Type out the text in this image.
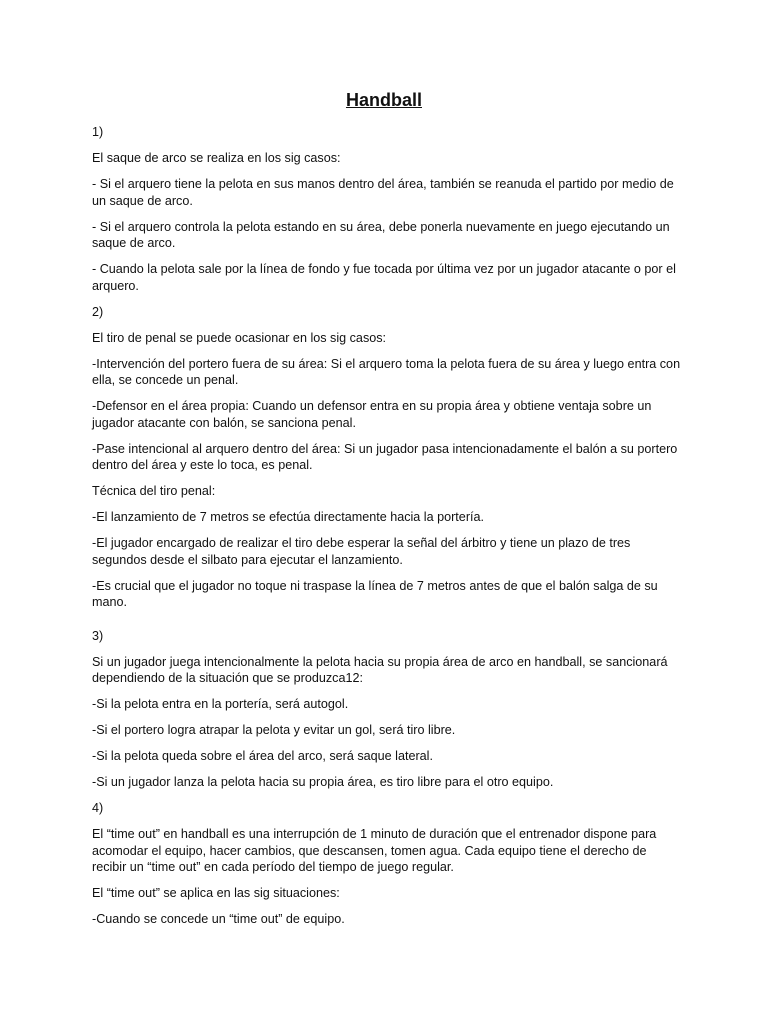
Handball

1)

El saque de arco se realiza en los sig casos:

- Si el arquero tiene la pelota en sus manos dentro del área, también se reanuda el partido por medio de un saque de arco.

- Si el arquero controla la pelota estando en su área, debe ponerla nuevamente en juego ejecutando un saque de arco.

- Cuando la pelota sale por la línea de fondo y fue tocada por última vez por un jugador atacante o por el arquero.

2)

El tiro de penal se puede ocasionar en los sig casos:

-Intervención del portero fuera de su área: Si el arquero toma la pelota fuera de su área y luego entra con ella, se concede un penal.

-Defensor en el área propia: Cuando un defensor entra en su propia área y obtiene ventaja sobre un jugador atacante con balón, se sanciona penal.

-Pase intencional al arquero dentro del área: Si un jugador pasa intencionadamente el balón a su portero dentro del área y este lo toca, es penal.

Técnica del tiro penal:

-El lanzamiento de 7 metros se efectúa directamente hacia la portería.

-El jugador encargado de realizar el tiro debe esperar la señal del árbitro y tiene un plazo de tres segundos desde el silbato para ejecutar el lanzamiento.

-Es crucial que el jugador no toque ni traspase la línea de 7 metros antes de que el balón salga de su mano.

3)

Si un jugador juega intencionalmente la pelota hacia su propia área de arco en handball, se sancionará dependiendo de la situación que se produzca12:

-Si la pelota entra en la portería, será autogol.

-Si el portero logra atrapar la pelota y evitar un gol, será tiro libre.

-Si la pelota queda sobre el área del arco, será saque lateral.

-Si un jugador lanza la pelota hacia su propia área, es tiro libre para el otro equipo.

4)

El “time out” en handball es una interrupción de 1 minuto de duración que el entrenador dispone para acomodar el equipo, hacer cambios, que descansen, tomen agua. Cada equipo tiene el derecho de recibir un “time out” en cada período del tiempo de juego regular.

El “time out” se aplica en las sig situaciones:

-Cuando se concede un “time out” de equipo.
